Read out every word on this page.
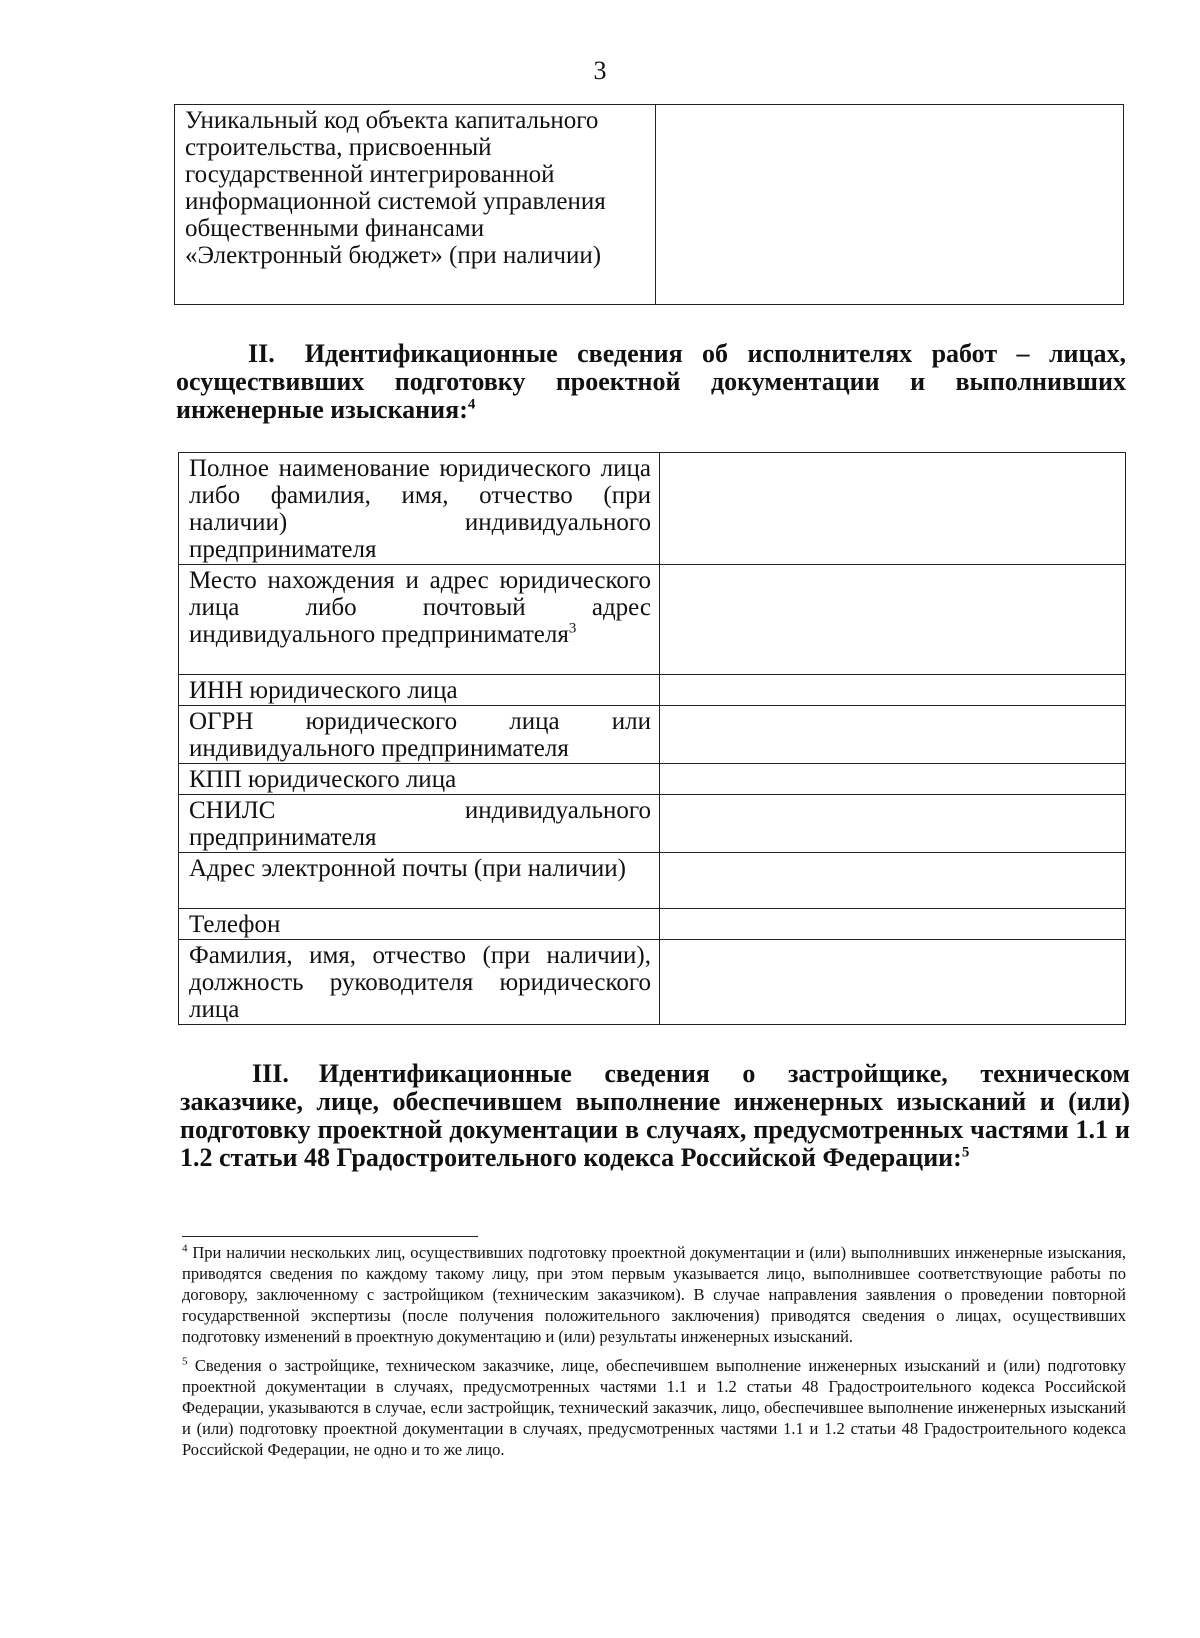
3
Уникальный код объекта капитального строительства, присвоенный государственной интегрированной информационной системой управления общественными финансами «Электронный бюджет» (при наличии)	
II. Идентификационные сведения об исполнителях работ – лицах, осуществивших подготовку проектной документации и выполнивших инженерные изыскания:$^4$
Полное наименование юридического лица либо фамилия, имя, отчество (при наличии) индивидуального предпринимателя	
Место нахождения и адрес юридического лица либо почтовый адрес индивидуального предпринимателя$^3$	
ИНН юридического лица	
ОГРН юридического лица или индивидуального предпринимателя	
КПП юридического лица	
СНИЛС индивидуального предпринимателя	
Адрес электронной почты (при наличии)	
Телефон	
Фамилия, имя, отчество (при наличии), должность руководителя юридического лица	
III. Идентификационные сведения о застройщике, техническом заказчике, лице, обеспечившем выполнение инженерных изысканий и (или) подготовку проектной документации в случаях, предусмотренных частями 1.1 и 1.2 статьи 48 Градостроительного кодекса Российской Федерации:$^5$

$^4$ При наличии нескольких лиц, осуществивших подготовку проектной документации и (или) выполнивших инженерные изыскания, приводятся сведения по каждому такому лицу, при этом первым указывается лицо, выполнившее соответствующие работы по договору, заключенному с застройщиком (техническим заказчиком). В случае направления заявления о проведении повторной государственной экспертизы (после получения положительного заключения) приводятся сведения о лицах, осуществивших подготовку изменений в проектную документацию и (или) результаты инженерных изысканий.

$^5$ Сведения о застройщике, техническом заказчике, лице, обеспечившем выполнение инженерных изысканий и (или) подготовку проектной документации в случаях, предусмотренных частями 1.1 и 1.2 статьи 48 Градостроительного кодекса Российской Федерации, указываются в случае, если застройщик, технический заказчик, лицо, обеспечившее выполнение инженерных изысканий и (или) подготовку проектной документации в случаях, предусмотренных частями 1.1 и 1.2 статьи 48 Градостроительного кодекса Российской Федерации, не одно и то же лицо.
